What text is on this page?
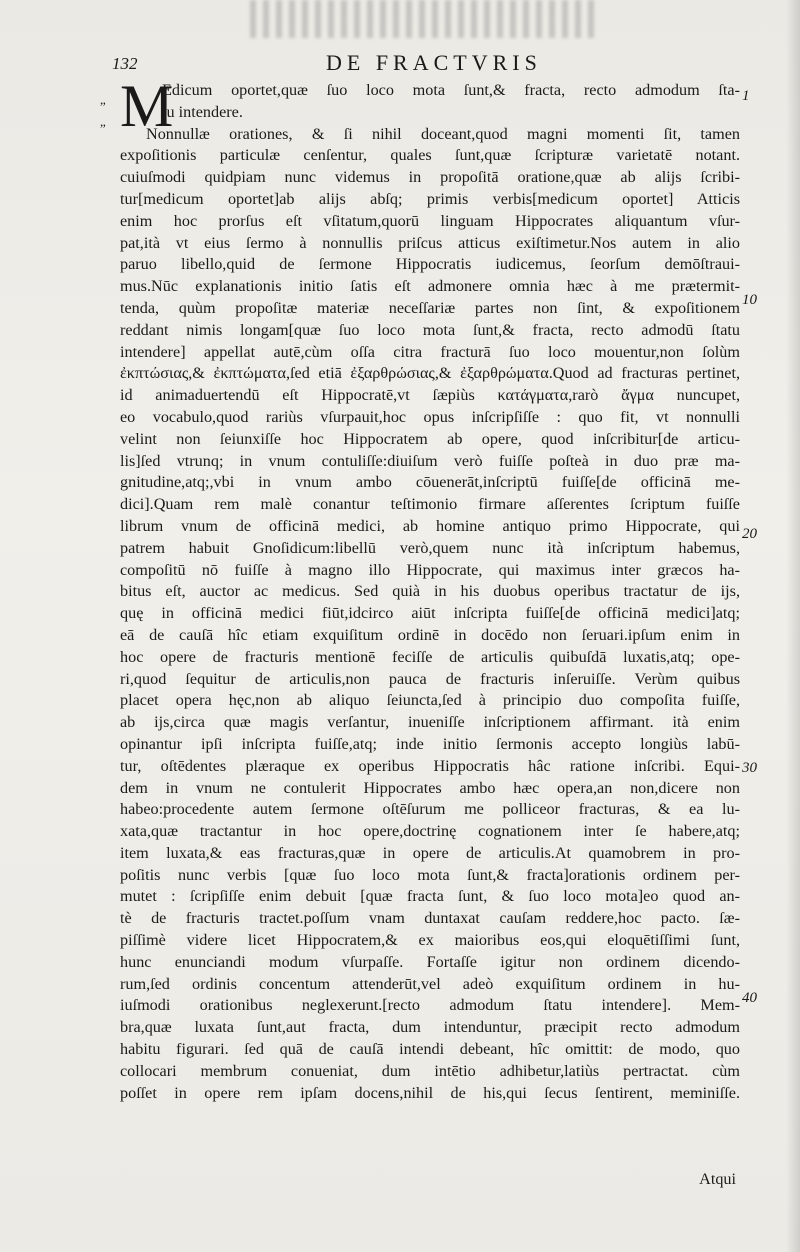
132	DE FRACTVRIS
M
„
„
1
10
20
30
40
Edicum oportet,quæ ſuo loco mota ſunt,& fracta, recto admodum ſta-
tu intendere.
Nonnullæ orationes, & ſi nihil doceant,quod magni momenti ſit, tamen
expoſitionis particulæ cenſentur, quales ſunt,quæ ſcripturæ varietatē notant.
cuiuſmodi quidpiam nunc videmus in propoſitā oratione,quæ ab alijs ſcribi-
tur[medicum oportet]ab alijs abſq; primis verbis[medicum oportet] Atticis
enim hoc prorſus eſt vſitatum,quorū linguam Hippocrates aliquantum vſur-
pat,ità vt eius ſermo à nonnullis priſcus atticus exiſtimetur.Nos autem in alio
paruo libello,quid de ſermone Hippocratis iudicemus, ſeorſum demōſtraui-
mus.Nūc explanationis initio ſatis eſt admonere omnia hæc à me prætermit-
tenda, quùm propoſitæ materiæ neceſſariæ partes non ſint, & expoſitionem
reddant nimis longam[quæ ſuo loco mota ſunt,& fracta, recto admodū ſtatu
intendere] appellat autē,cùm oſſa citra fracturā ſuo loco mouentur,non ſolùm
ἐκπτώσιας,& ἐκπτώματα,ſed etiā ἐξαρθρώσιας,& ἐξαρθρώματα.Quod ad fracturas pertinet,
id animaduertendū eſt Hippocratē,vt ſæpiùs κατάγματα,rarò ἄγμα nuncupet,
eo vocabulo,quod rariùs vſurpauit,hoc opus inſcripſiſſe : quo fit, vt nonnulli
velint non ſeiunxiſſe hoc Hippocratem ab opere, quod inſcribitur[de articu-
lis]ſed vtrunq; in vnum contuliſſe:diuiſum verò fuiſſe poſteà in duo præ ma-
gnitudine,atq;,vbi in vnum ambo cōuenerāt,inſcriptū fuiſſe[de officinā me-
dici].Quam rem malè conantur teſtimonio firmare aſſerentes ſcriptum fuiſſe
librum vnum de officinā medici, ab homine antiquo primo Hippocrate, qui
patrem habuit Gnoſidicum:libellū verò,quem nunc ità inſcriptum habemus,
compoſitū nō fuiſſe à magno illo Hippocrate, qui maximus inter græcos ha-
bitus eſt, auctor ac medicus. Sed quià in his duobus operibus tractatur de ijs,
quę in officinā medici fiūt,idcirco aiūt inſcripta fuiſſe[de officinā medici]atq;
eā de cauſā hîc etiam exquiſitum ordinē in docēdo non ſeruari.ipſum enim in
hoc opere de fracturis mentionē feciſſe de articulis quibuſdā luxatis,atq; ope-
ri,quod ſequitur de articulis,non pauca de fracturis inſeruiſſe. Verùm quibus
placet opera hęc,non ab aliquo ſeiuncta,ſed à principio duo compoſita fuiſſe,
ab ijs,circa quæ magis verſantur, inueniſſe inſcriptionem affirmant. ità enim
opinantur ipſi inſcripta fuiſſe,atq; inde initio ſermonis accepto longiùs labū-
tur, oſtēdentes plæraque ex operibus Hippocratis hâc ratione inſcribi. Equi-
dem in vnum ne contulerit Hippocrates ambo hæc opera,an non,dicere non
habeo:procedente autem ſermone oſtēſurum me polliceor fracturas, & ea lu-
xata,quæ tractantur in hoc opere,doctrinę cognationem inter ſe habere,atq;
item luxata,& eas fracturas,quæ in opere de articulis.At quamobrem in pro-
poſitis nunc verbis [quæ ſuo loco mota ſunt,& fracta]orationis ordinem per-
mutet : ſcripſiſſe enim debuit [quæ fracta ſunt, & ſuo loco mota]eo quod an-
tè de fracturis tractet.poſſum vnam duntaxat cauſam reddere,hoc pacto. ſæ-
piſſimè videre licet Hippocratem,& ex maioribus eos,qui eloquētiſſimi ſunt,
hunc enunciandi modum vſurpaſſe. Fortaſſe igitur non ordinem dicendo-
rum,ſed ordinis concentum attenderūt,vel adeò exquiſitum ordinem in hu-
iuſmodi orationibus neglexerunt.[recto admodum ſtatu intendere]. Mem-
bra,quæ luxata ſunt,aut fracta, dum intenduntur, præcipit recto admodum
habitu figurari. ſed quā de cauſā intendi debeant, hîc omittit: de modo, quo
collocari membrum conueniat, dum intētio adhibetur,latiùs pertractat. cùm
poſſet in opere rem ipſam docens,nihil de his,qui ſecus ſentirent, meminiſſe.
Atqui
